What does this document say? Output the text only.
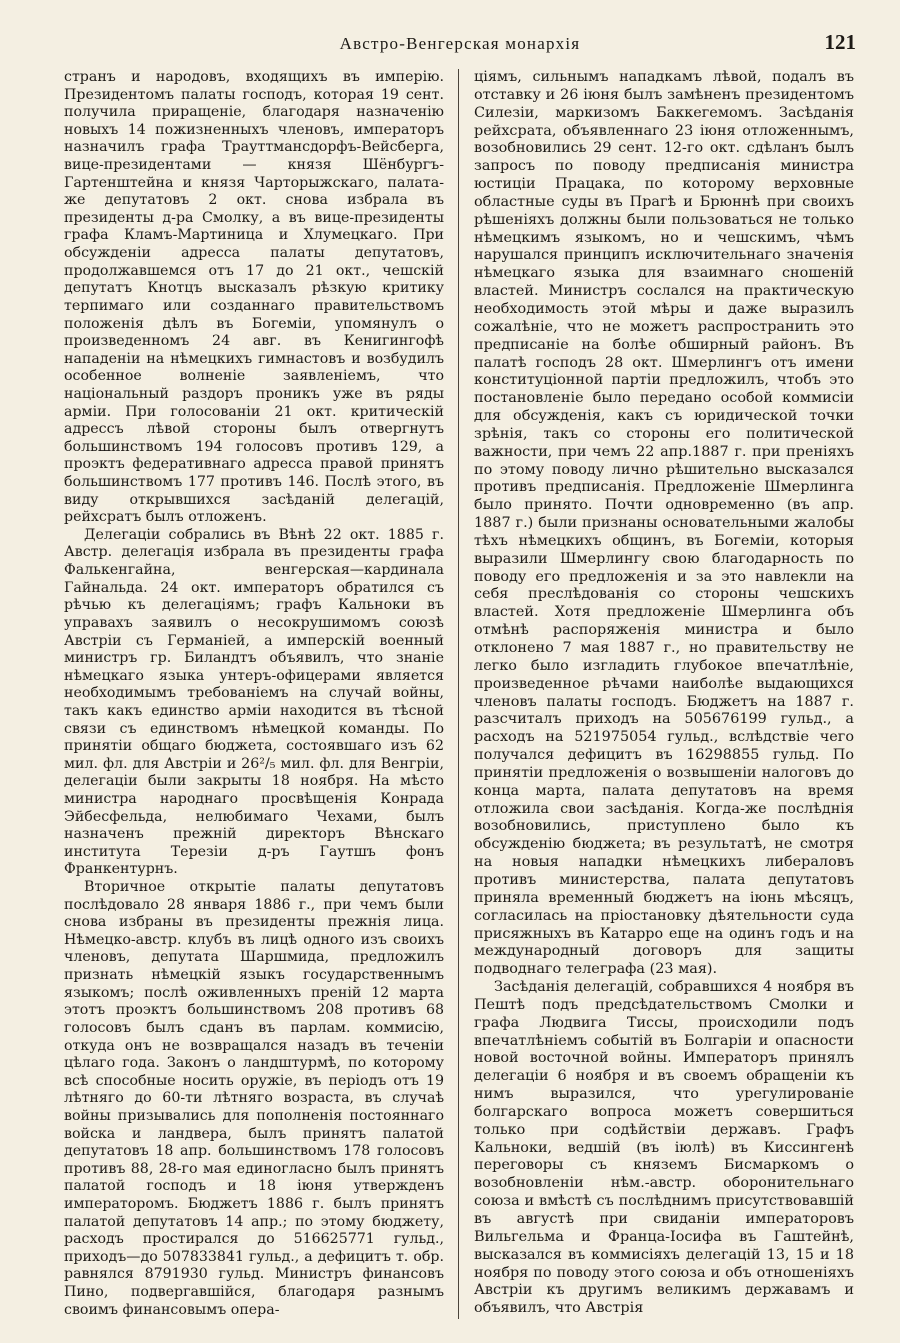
Австро-Венгерская монархія	121

странъ и народовъ, входящихъ въ имперію. Президентомъ палаты господъ, которая 19 сент. получила приращеніе, благодаря назначенію новыхъ 14 пожизненныхъ членовъ, императоръ назначилъ графа Трауттмансдорфъ-Вейсберга, вице-президентами — князя Шёнбургъ-Гартенштейна и князя Чарторыжскаго, палата-же депутатовъ 2 окт. снова избрала въ президенты д-ра Смолку, а въ вице-президенты графа Кламъ-Мартиница и Хлумецкаго. При обсужденіи адресса палаты депутатовъ, продолжавшемся отъ 17 до 21 окт., чешскій депутатъ Кнотцъ высказалъ рѣзкую критику терпимаго или созданнаго правительствомъ положенія дѣлъ въ Богеміи, упомянулъ о произведенномъ 24 авг. въ Кенигингофѣ нападеніи на нѣмецкихъ гимнастовъ и возбудилъ особенное волненіе заявленіемъ, что національный раздоръ проникъ уже въ ряды арміи. При голосованіи 21 окт. критическій адрессъ лѣвой стороны былъ отвергнутъ большинствомъ 194 голосовъ противъ 129, а проэктъ федеративнаго адресса правой принятъ большинствомъ 177 противъ 146. Послѣ этого, въ виду открывшихся засѣданій делегацій, рейхсратъ былъ отложенъ.

Делегаціи собрались въ Вѣнѣ 22 окт. 1885 г. Австр. делегація избрала въ президенты графа Фалькенгайна, венгерская—кардинала Гайнальда. 24 окт. императоръ обратился съ рѣчью къ делегаціямъ; графъ Кальноки въ управахъ заявилъ о несокрушимомъ союзѣ Австріи съ Германіей, а имперскій военный министръ гр. Биландтъ объявилъ, что знаніе нѣмецкаго языка унтеръ-офицерами является необходимымъ требованіемъ на случай войны, такъ какъ единство арміи находится въ тѣсной связи съ единствомъ нѣмецкой команды. По принятіи общаго бюджета, состоявшаго изъ 62 мил. фл. для Австріи и 26²/₅ мил. фл. для Венгріи, делегаціи были закрыты 18 ноября. На мѣсто министра народнаго просвѣщенія Конрада Эйбесфельда, нелюбимаго Чехами, былъ назначенъ прежній директоръ Вѣнскаго института Терезіи д-ръ Гаутшъ фонъ Франкентурнъ.

Вторичное открытіе палаты депутатовъ послѣдовало 28 января 1886 г., при чемъ были снова избраны въ президенты прежнія лица. Нѣмецко-австр. клубъ въ лицѣ одного изъ своихъ членовъ, депутата Шаршмида, предложилъ признать нѣмецкій языкъ государственнымъ языкомъ; послѣ оживленныхъ преній 12 марта этотъ проэктъ большинствомъ 208 противъ 68 голосовъ былъ сданъ въ парлам. коммисію, откуда онъ не возвращался назадъ въ теченіи цѣлаго года. Законъ о ландштурмѣ, по которому всѣ способные носить оружіе, въ періодъ отъ 19 лѣтняго до 60-ти лѣтняго возраста, въ случаѣ войны призывались для пополненія постояннаго войска и ландвера, былъ принятъ палатой депутатовъ 18 апр. большинствомъ 178 голосовъ противъ 88, 28-го мая единогласно былъ принятъ палатой господъ и 18 іюня утвержденъ императоромъ. Бюджетъ 1886 г. былъ принятъ палатой депутатовъ 14 апр.; по этому бюджету, расходъ простирался до 516625771 гульд., приходъ—до 507833841 гульд., а дефицитъ т. обр. равнялся 8791930 гульд. Министръ финансовъ Пино, подвергавшійся, благодаря разнымъ своимъ финансовымъ опера-

ціямъ, сильнымъ нападкамъ лѣвой, подалъ въ отставку и 26 іюня былъ замѣненъ президентомъ Силезіи, маркизомъ Баккегемомъ. Засѣданія рейхсрата, объявленнаго 23 іюня отложеннымъ, возобновились 29 сент. 12-го окт. сдѣланъ былъ запросъ по поводу предписанія министра юстиціи Працака, по которому верховные областные суды въ Прагѣ и Брюннѣ при своихъ рѣшеніяхъ должны были пользоваться не только нѣмецкимъ языкомъ, но и чешскимъ, чѣмъ нарушался принципъ исключительнаго значенія нѣмецкаго языка для взаимнаго сношеній властей. Министръ сослался на практическую необходимость этой мѣры и даже выразилъ сожалѣніе, что не можетъ распространить это предписаніе на болѣе обширный районъ. Въ палатѣ господъ 28 окт. Шмерлингъ отъ имени конституціонной партіи предложилъ, чтобъ это постановленіе было передано особой коммисіи для обсужденія, какъ съ юридической точки зрѣнія, такъ со стороны его политической важности, при чемъ 22 апр.1887 г. при преніяхъ по этому поводу лично рѣшительно высказался противъ предписанія. Предложеніе Шмерлинга было принято. Почти одновременно (въ апр. 1887 г.) были признаны основательными жалобы тѣхъ нѣмецкихъ общинъ, въ Богеміи, которыя выразили Шмерлингу свою благодарность по поводу его предложенія и за это навлекли на себя преслѣдованія со стороны чешскихъ властей. Хотя предложеніе Шмерлинга объ отмѣнѣ распоряженія министра и было отклонено 7 мая 1887 г., но правительству не легко было изгладить глубокое впечатлѣніе, произведенное рѣчами наиболѣе выдающихся членовъ палаты господъ. Бюджетъ на 1887 г. разсчиталъ приходъ на 505676199 гульд., а расходъ на 521975054 гульд., вслѣдствіе чего получался дефицитъ въ 16298855 гульд. По принятіи предложенія о возвышеніи налоговъ до конца марта, палата депутатовъ на время отложила свои засѣданія. Когда-же послѣднія возобновились, приступлено было къ обсужденію бюджета; въ результатѣ, не смотря на новыя нападки нѣмецкихъ либераловъ противъ министерства, палата депутатовъ приняла временный бюджетъ на іюнь мѣсяцъ, согласилась на пріостановку дѣятельности суда присяжныхъ въ Катарро еще на одинъ годъ и на международный договоръ для защиты подводнаго телеграфа (23 мая).

Засѣданія делегацій, собравшихся 4 ноября въ Пештѣ подъ предсѣдательствомъ Смолки и графа Людвига Тиссы, происходили подъ впечатлѣніемъ событій въ Болгаріи и опасности новой восточной войны. Императоръ принялъ делегаціи 6 ноября и въ своемъ обращеніи къ нимъ выразился, что урегулированіе болгарскаго вопроса можетъ совершиться только при содѣйствіи державъ. Графъ Кальноки, ведшій (въ іюлѣ) въ Киссингенѣ переговоры съ княземъ Бисмаркомъ о возобновленіи нѣм.-австр. оборонительнаго союза и вмѣстѣ съ послѣднимъ присутствовавшій въ августѣ при свиданіи императоровъ Вильгельма и Франца-Іосифа въ Гаштейнѣ, высказался въ коммисіяхъ делегацій 13, 15 и 18 ноября по поводу этого союза и объ отношеніяхъ Австріи къ другимъ великимъ державамъ и объявилъ, что Австрія
